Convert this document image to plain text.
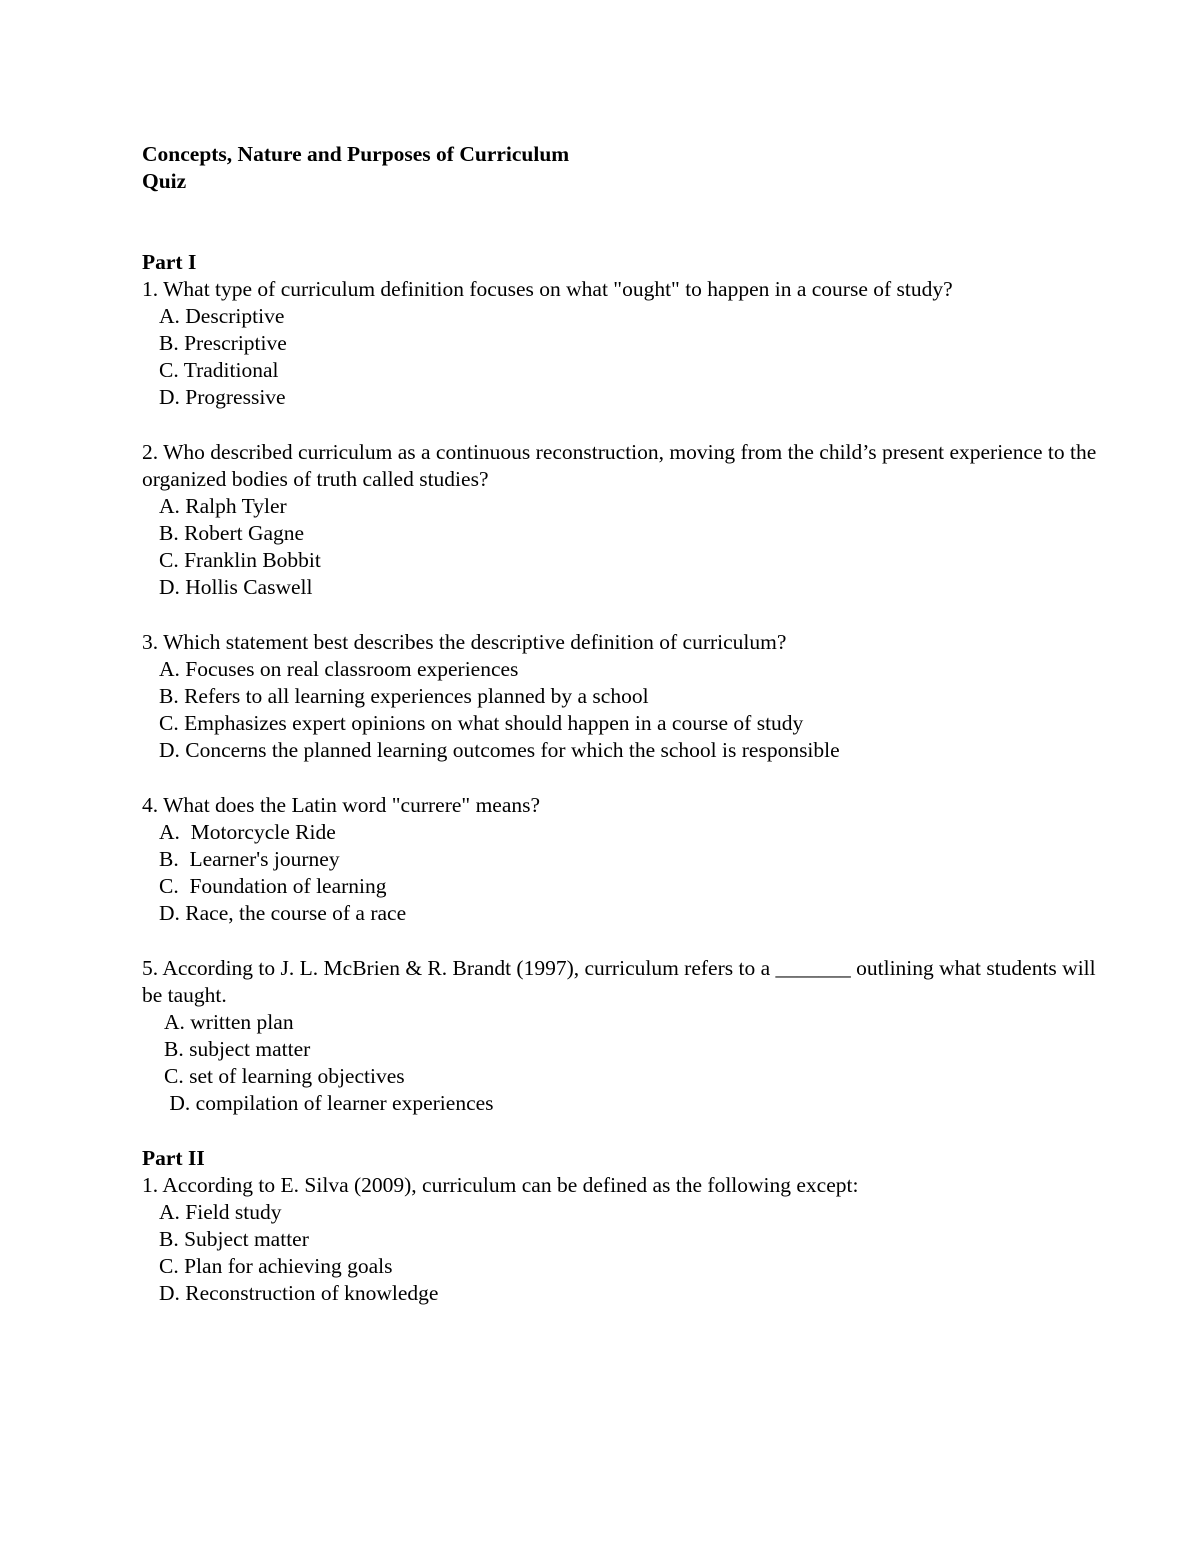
Concepts, Nature and Purposes of Curriculum
Quiz
Part I
1. What type of curriculum definition focuses on what "ought" to happen in a course of study?
A. Descriptive
B. Prescriptive
C. Traditional
D. Progressive
2. Who described curriculum as a continuous reconstruction, moving from the child’s present experience to the organized bodies of truth called studies?
A. Ralph Tyler
B. Robert Gagne
C. Franklin Bobbit
D. Hollis Caswell
3. Which statement best describes the descriptive definition of curriculum?
A. Focuses on real classroom experiences
B. Refers to all learning experiences planned by a school
C. Emphasizes expert opinions on what should happen in a course of study
D. Concerns the planned learning outcomes for which the school is responsible
4. What does the Latin word "currere" means?
A.  Motorcycle Ride
B.  Learner's journey
C.  Foundation of learning
D. Race, the course of a race
5. According to J. L. McBrien & R. Brandt (1997), curriculum refers to a _______ outlining what students will be taught.
A. written plan
B. subject matter
C. set of learning objectives
D. compilation of learner experiences
Part II
1. According to E. Silva (2009), curriculum can be defined as the following except:
A. Field study
B. Subject matter
C. Plan for achieving goals
D. Reconstruction of knowledge
